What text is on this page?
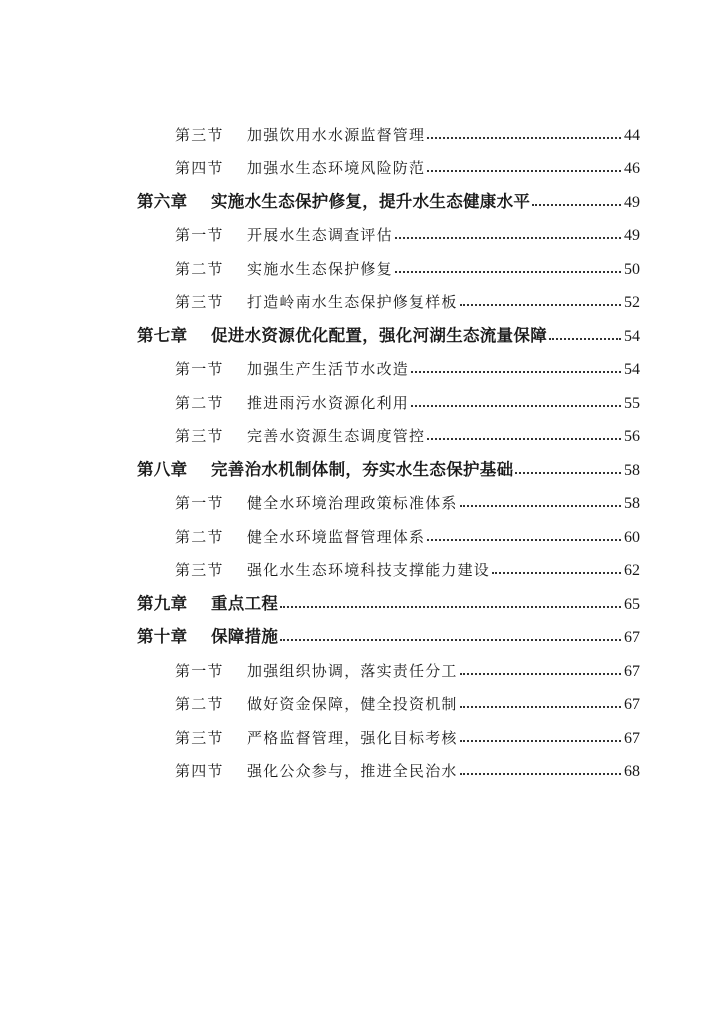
第三节	加强饮用水水源监督管理	44
第四节	加强水生态环境风险防范	46
第六章	实施水生态保护修复，提升水生态健康水平	49
第一节	开展水生态调查评估	49
第二节	实施水生态保护修复	50
第三节	打造岭南水生态保护修复样板	52
第七章	促进水资源优化配置，强化河湖生态流量保障	54
第一节	加强生产生活节水改造	54
第二节	推进雨污水资源化利用	55
第三节	完善水资源生态调度管控	56
第八章	完善治水机制体制，夯实水生态保护基础	58
第一节	健全水环境治理政策标准体系	58
第二节	健全水环境监督管理体系	60
第三节	强化水生态环境科技支撑能力建设	62
第九章	重点工程	65
第十章	保障措施	67
第一节	加强组织协调，落实责任分工	67
第二节	做好资金保障，健全投资机制	67
第三节	严格监督管理，强化目标考核	67
第四节	强化公众参与，推进全民治水	68
